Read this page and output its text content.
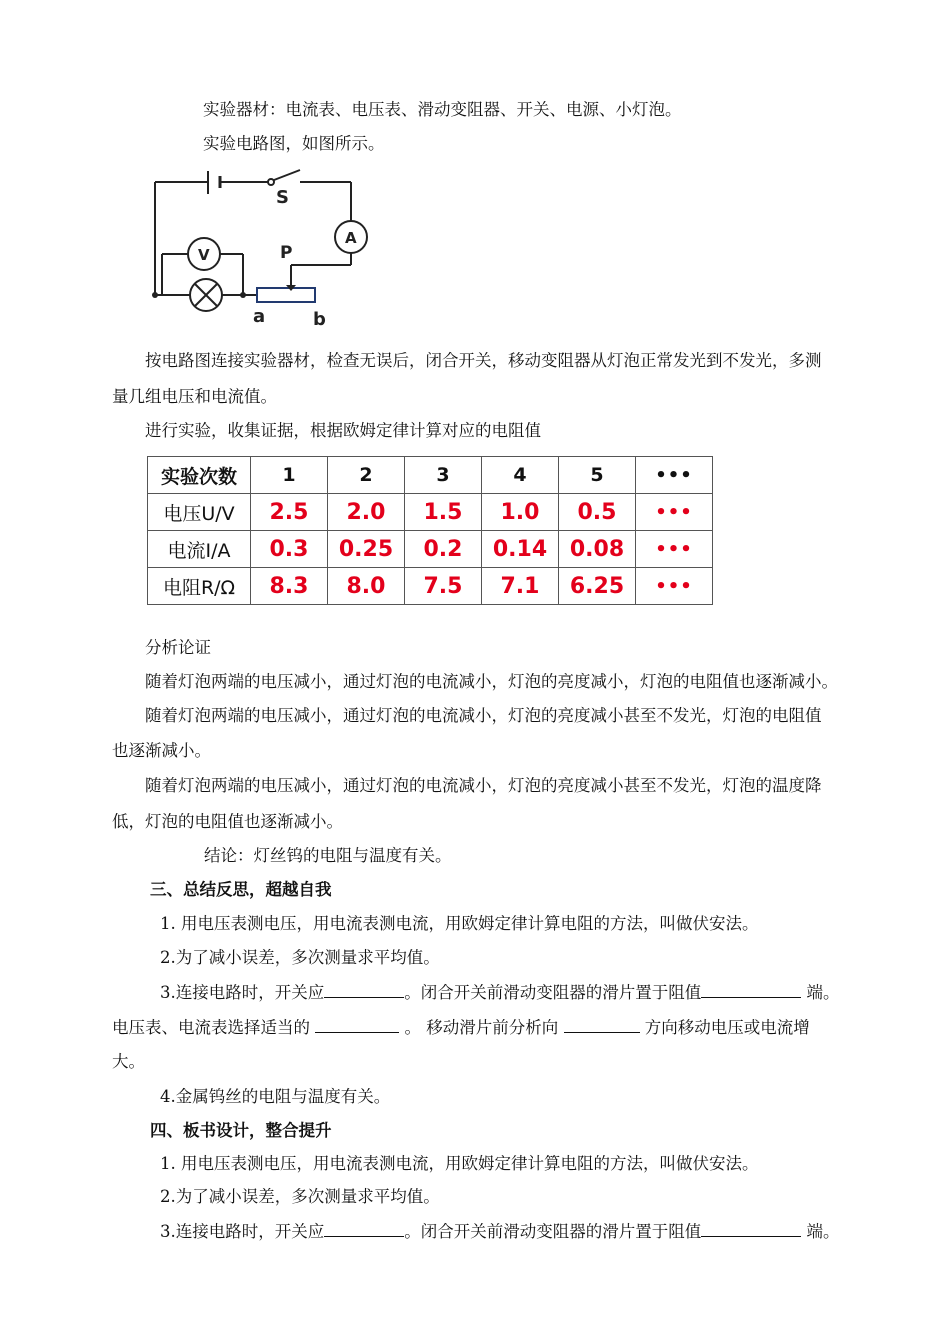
实验器材：电流表、电压表、滑动变阻器、开关、电源、小灯泡。
实验电路图，如图所示。
S
A
V	P
a	b
按电路图连接实验器材，检查无误后，闭合开关，移动变阻器从灯泡正常发光到不发光，多测
量几组电压和电流值。
进行实验，收集证据，根据欧姆定律计算对应的电阻值
实验次数	1	2	3	4	5	•••
电压U/V	2.5	2.0	1.5	1.0	0.5	•••
电流I/A	0.3	0.25	0.2	0.14	0.08	•••
电阻R/Ω	8.3	8.0	7.5	7.1	6.25	•••
分析论证
随着灯泡两端的电压减小，通过灯泡的电流减小，灯泡的亮度减小，灯泡的电阻值也逐渐减小。
随着灯泡两端的电压减小，通过灯泡的电流减小，灯泡的亮度减小甚至不发光，灯泡的电阻值
也逐渐减小。
随着灯泡两端的电压减小，通过灯泡的电流减小，灯泡的亮度减小甚至不发光，灯泡的温度降
低，灯泡的电阻值也逐渐减小。
结论：灯丝钨的电阻与温度有关。
三、总结反思，超越自我
1. 用电压表测电压，用电流表测电流，用欧姆定律计算电阻的方法，叫做伏安法。
2.为了减小误差，多次测量求平均值。
3.连接电路时，开关应	。闭合开关前滑动变阻器的滑片置于阻值	端。
电压表、电流表选择适当的	。 移动滑片前分析向	方向移动电压或电流增
大。
4.金属钨丝的电阻与温度有关。
四、板书设计，整合提升
1. 用电压表测电压，用电流表测电流，用欧姆定律计算电阻的方法，叫做伏安法。
2.为了减小误差，多次测量求平均值。
3.连接电路时，开关应	。闭合开关前滑动变阻器的滑片置于阻值	端。
